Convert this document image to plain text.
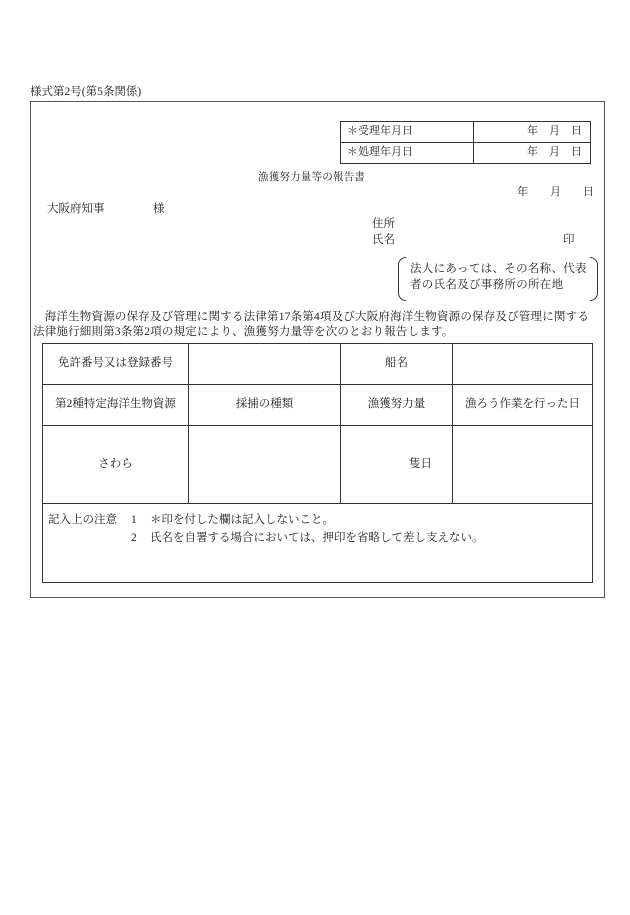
様式第2号(第5条関係)
＊受理年月日	年　月　日
＊処理年月日	年　月　日
漁獲努力量等の報告書
年　　月　　日
大阪府知事	様
住所
氏名	印
法人にあっては、その名称、代表
者の氏名及び事務所の所在地
　海洋生物資源の保存及び管理に関する法律第17条第4項及び大阪府海洋生物資源の保存及び管理に関する
法律施行細則第3条第2項の規定により、漁獲努力量等を次のとおり報告します。
免許番号又は登録番号		船名	
第2種特定海洋生物資源	採捕の種類	漁獲努力量	漁ろう作業を行った日
さわら		隻日	

記入上の注意 1 ＊印を付した欄は記入しないこと。
2 氏名を自署する場合においては、押印を省略して差し支えない。			
